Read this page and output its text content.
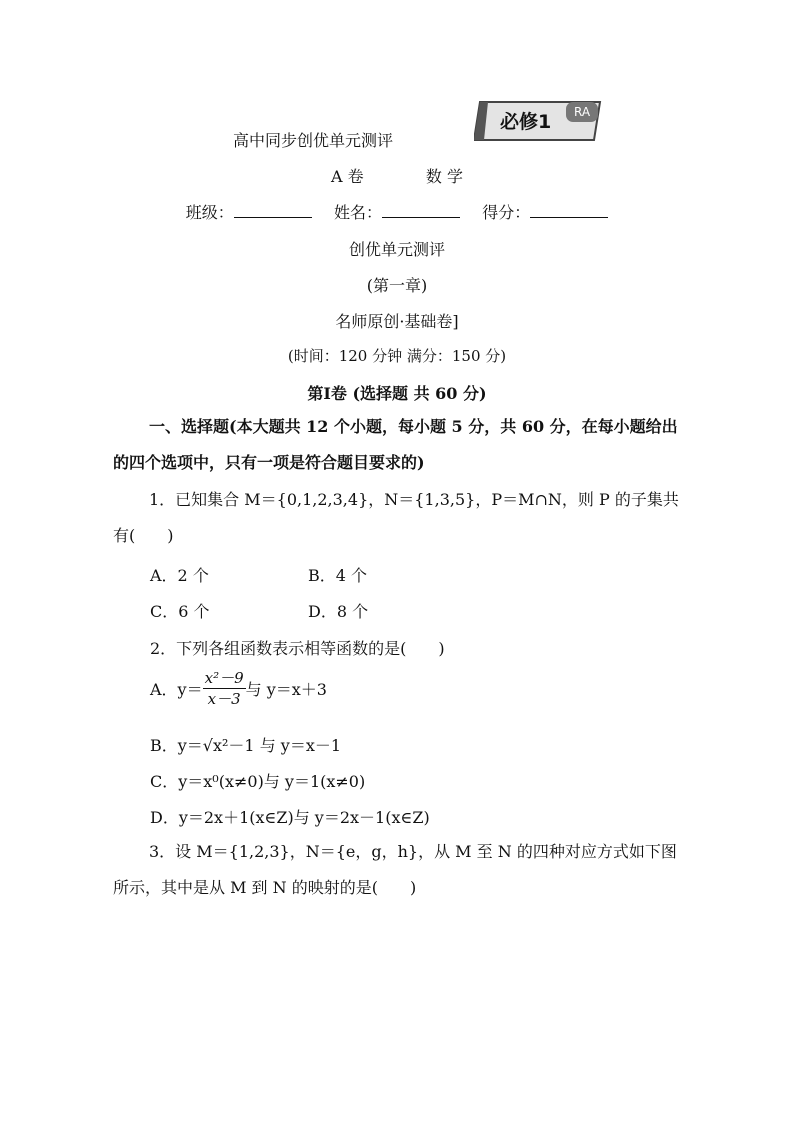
必修1	RA
高中同步创优单元测评
A 卷	数 学
班级：	姓名：	得分：
创优单元测评
(第一章)
名师原创·基础卷]
(时间：120 分钟 满分：150 分)
第Ⅰ卷 (选择题 共 60 分)
一、选择题(本大题共 12 个小题，每小题 5 分，共 60 分，在每小题给出的四个选项中，只有一项是符合题目要求的)
1．已知集合 M＝{0,1,2,3,4}，N＝{1,3,5}，P＝M∩N，则 P 的子集共有(　　)
A．2 个	B．4 个
C．6 个	D．8 个
2．下列各组函数表示相等函数的是(　　)
A．$y= \frac{\text{x²－9}}{x-3}$ 与 y＝x＋3
B．y＝√x²－1 与 y＝x－1
C．y＝x⁰(x≠0)与 y＝1(x≠0)
D．y＝2x＋1(x∈Z)与 y＝2x－1(x∈Z)
3．设 M＝{1,2,3}，N＝{e，g，h}，从 M 至 N 的四种对应方式如下图所示，其中是从 M 到 N 的映射的是(　　)
